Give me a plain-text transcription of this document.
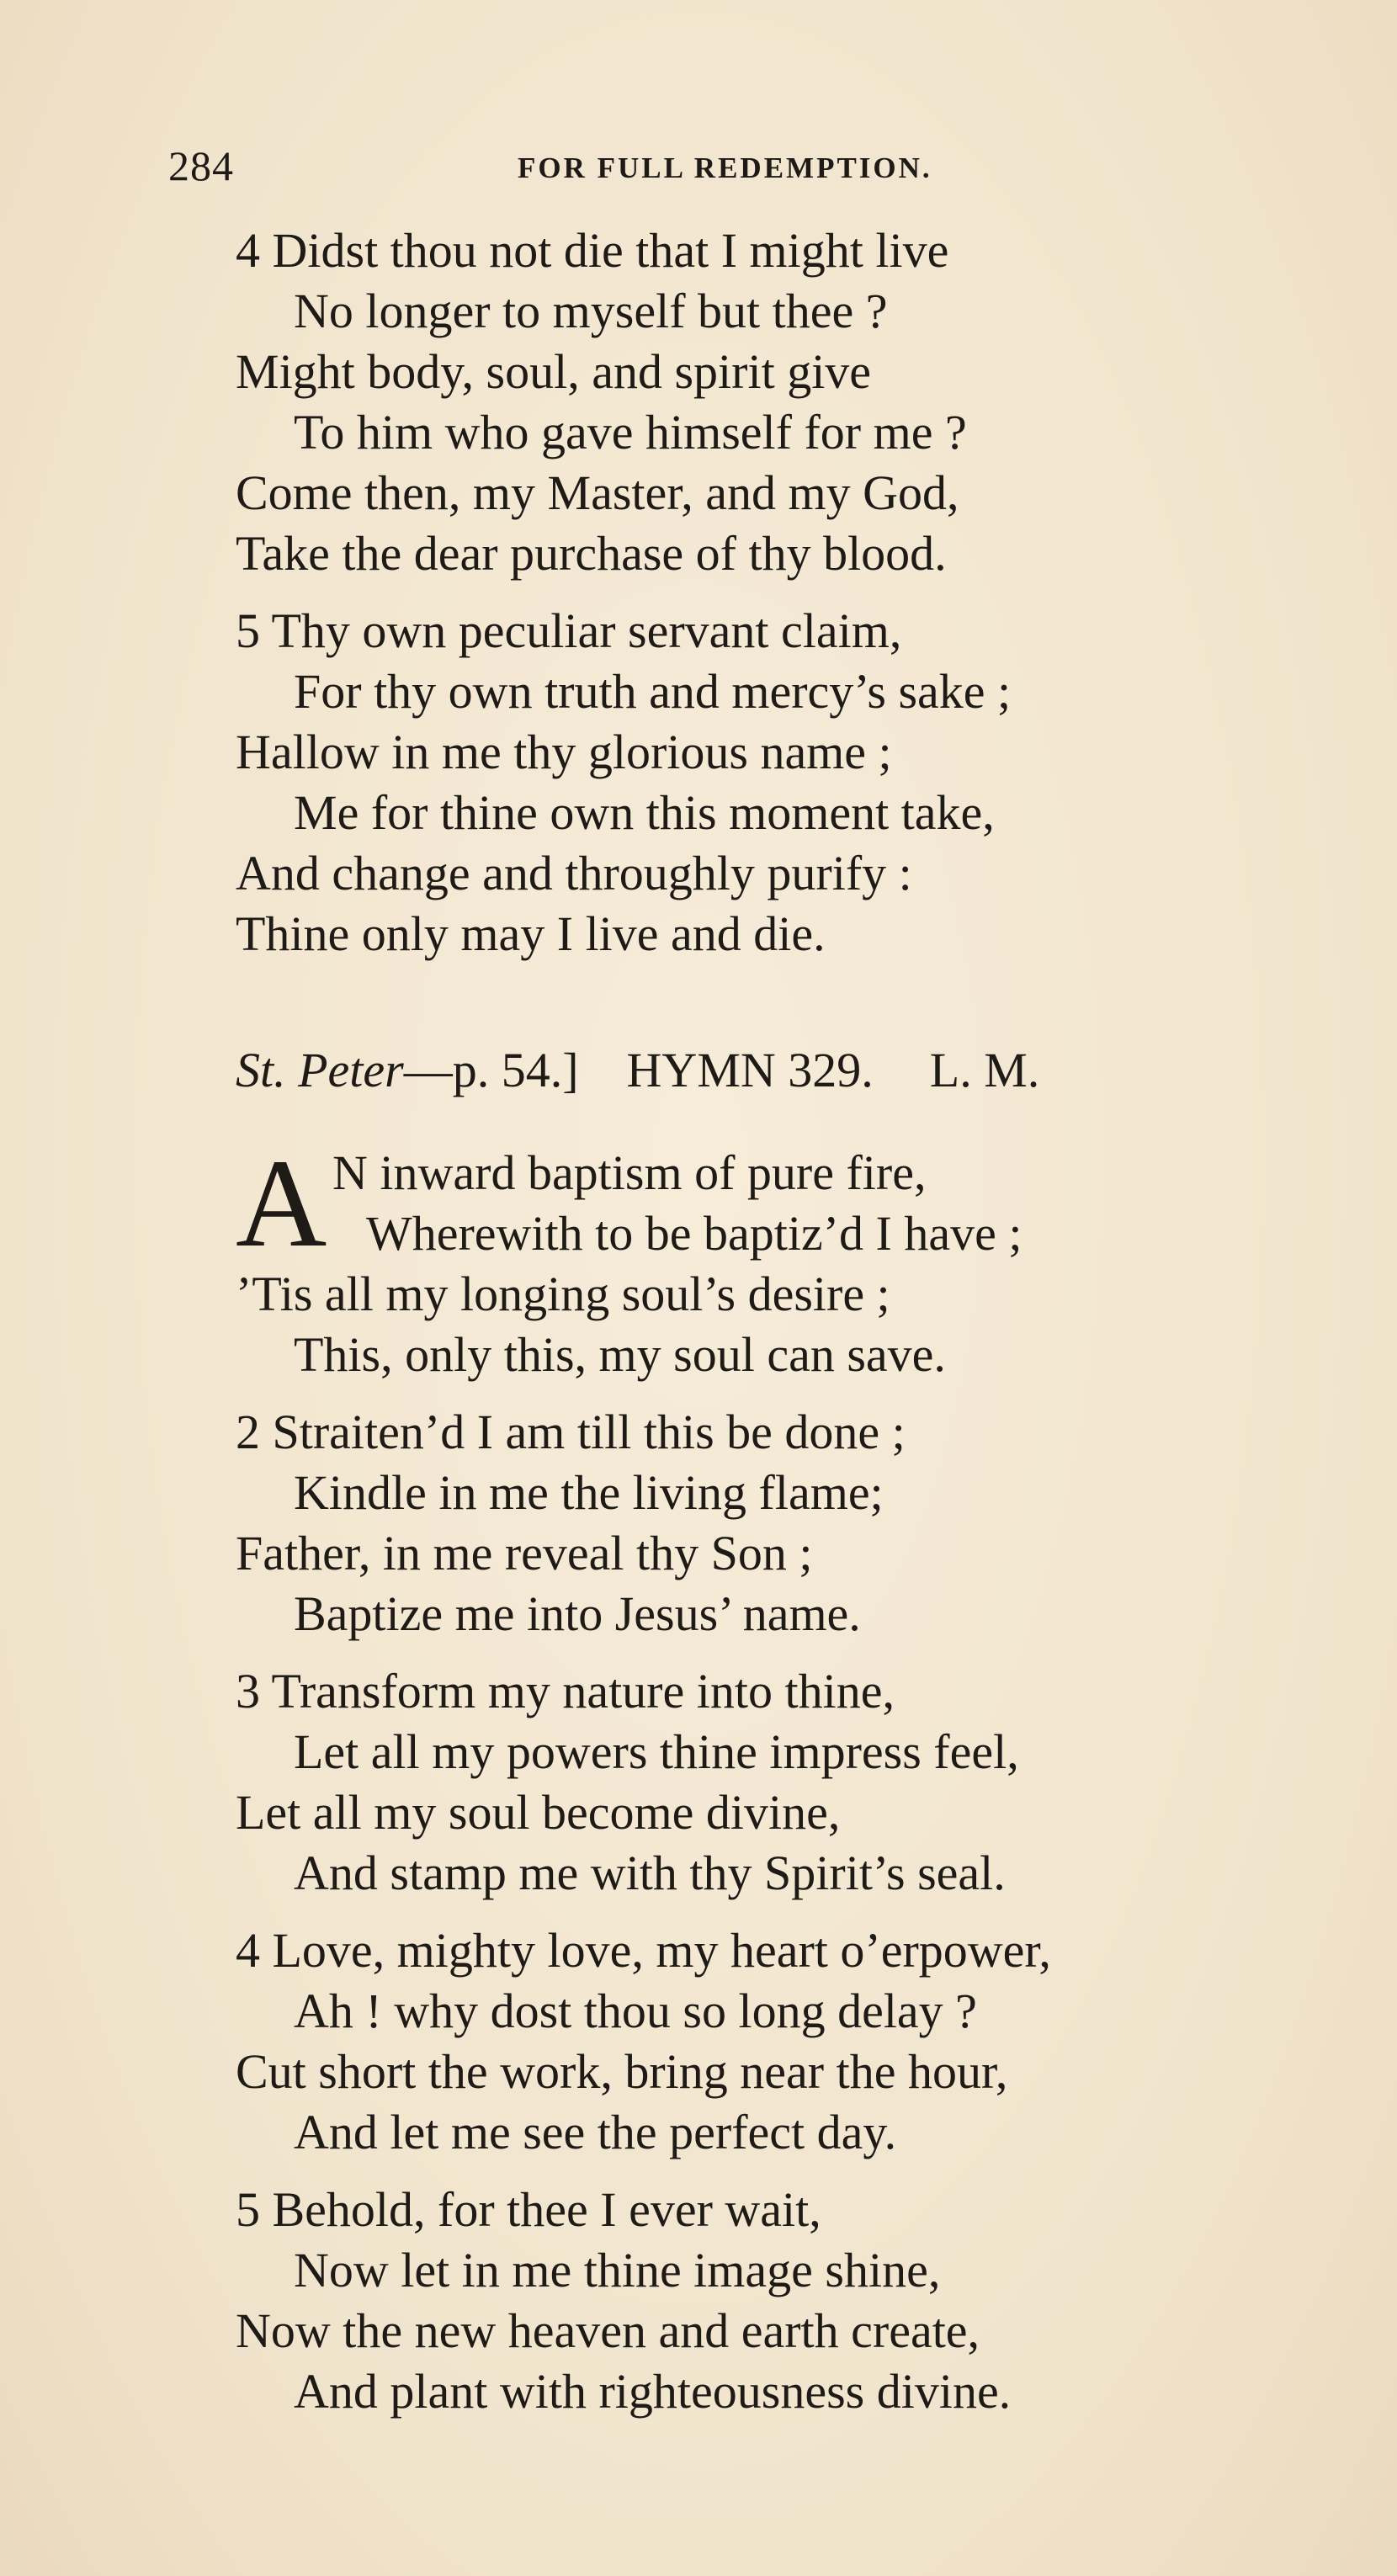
284	FOR FULL REDEMPTION.
4 Didst thou not die that I might live
No longer to myself but thee ?
Might body, soul, and spirit give
To him who gave himself for me ?
Come then, my Master, and my God,
Take the dear purchase of thy blood.
5 Thy own peculiar servant claim,
For thy own truth and mercy’s sake ;
Hallow in me thy glorious name ;
Me for thine own this moment take,
And change and throughly purify :
Thine only may I live and die.
St. Peter—p. 54.] HYMN 329. L. M.
A N inward baptism of pure fire,
Wherewith to be baptiz’d I have ;
’Tis all my longing soul’s desire ;
This, only this, my soul can save.
2 Straiten’d I am till this be done ;
Kindle in me the living flame;
Father, in me reveal thy Son ;
Baptize me into Jesus’ name.
3 Transform my nature into thine,
Let all my powers thine impress feel,
Let all my soul become divine,
And stamp me with thy Spirit’s seal.
4 Love, mighty love, my heart o’erpower,
Ah ! why dost thou so long delay ?
Cut short the work, bring near the hour,
And let me see the perfect day.
5 Behold, for thee I ever wait,
Now let in me thine image shine,
Now the new heaven and earth create,
And plant with righteousness divine.
